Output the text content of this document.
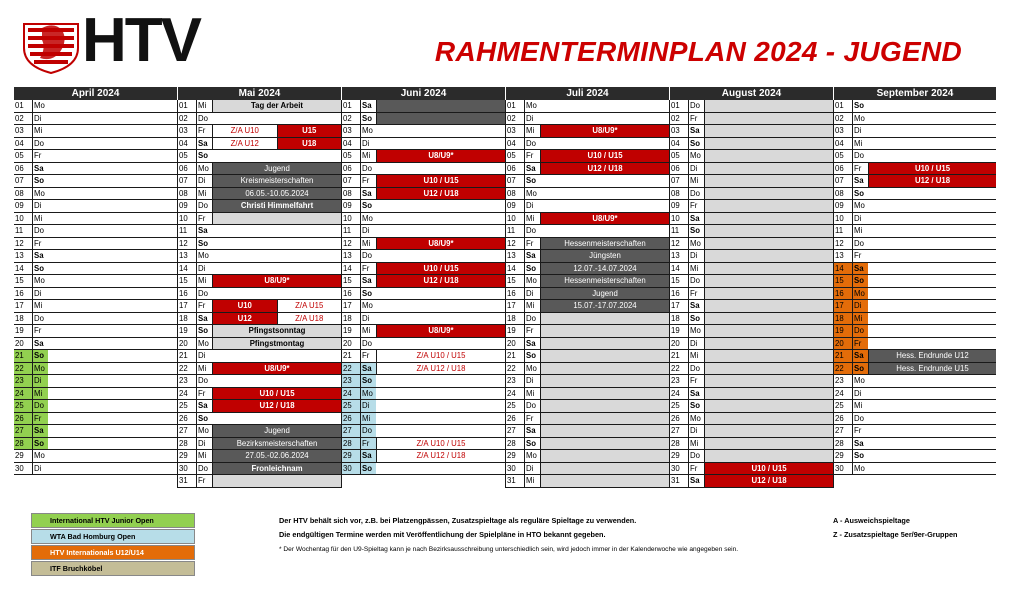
HTV	RAHMENTERMINPLAN 2024 - JUGEND
April 2024
01	Mo
02	Di
03	Mi
04	Do
05	Fr
06	Sa
07	So
08	Mo
09	Di
10	Mi
11	Do
12	Fr
13	Sa
14	So
15	Mo
16	Di
17	Mi
18	Do
19	Fr
20	Sa
21	So
22	Mo
23	Di
24	Mi
25	Do
26	Fr
27	Sa
28	So
29	Mo
30	Di
Mai 2024
01	Mi	Tag der Arbeit
02	Do
03	Fr	Z/A U10	U15
04	Sa	Z/A U12	U18
05	So
06	Mo	Jugend
07	Di	Kreismeisterschaften
08	Mi	06.05.-10.05.2024
09	Do	Christi Himmelfahrt
10	Fr
11	Sa
12	So
13	Mo
14	Di
15	Mi	U8/U9*
16	Do
17	Fr	U10	Z/A U15
18	Sa	U12	Z/A U18
19	So	Pfingstsonntag
20	Mo	Pfingstmontag
21	Di
22	Mi	U8/U9*
23	Do
24	Fr	U10 / U15
25	Sa	U12 / U18
26	So
27	Mo	Jugend
28	Di	Bezirksmeisterschaften
29	Mi	27.05.-02.06.2024
30	Do	Fronleichnam
31	Fr
Juni 2024
01	Sa
02	So
03	Mo
04	Di
05	Mi	U8/U9*
06	Do
07	Fr	U10 / U15
08	Sa	U12 / U18
09	So
10	Mo
11	Di
12	Mi	U8/U9*
13	Do
14	Fr	U10 / U15
15	Sa	U12 / U18
16	So
17	Mo
18	Di
19	Mi	U8/U9*
20	Do
21	Fr	Z/A U10 / U15
22	Sa	Z/A U12 / U18
23	So
24	Mo
25	Di
26	Mi
27	Do
28	Fr	Z/A U10 / U15
29	Sa	Z/A U12 / U18
30	So
Juli 2024
01	Mo
02	Di
03	Mi	U8/U9*
04	Do
05	Fr	U10 / U15
06	Sa	U12 / U18
07	So
08	Mo
09	Di
10	Mi	U8/U9*
11	Do
12	Fr	Hessenmeisterschaften
13	Sa	Jüngsten
14	So	12.07.-14.07.2024
15	Mo	Hessenmeisterschaften
16	Di	Jugend
17	Mi	15.07.-17.07.2024
18	Do
19	Fr
20	Sa
21	So
22	Mo
23	Di
24	Mi
25	Do
26	Fr
27	Sa
28	So
29	Mo
30	Di
31	Mi
August 2024
01	Do
02	Fr
03	Sa
04	So
05	Mo
06	Di
07	Mi
08	Do
09	Fr
10	Sa
11	So
12	Mo
13	Di
14	Mi
15	Do
16	Fr
17	Sa
18	So
19	Mo
20	Di
21	Mi
22	Do
23	Fr
24	Sa
25	So
26	Mo
27	Di
28	Mi
29	Do
30	Fr	U10 / U15
31	Sa	U12 / U18
September 2024
01	So
02	Mo
03	Di
04	Mi
05	Do
06	Fr	U10 / U15
07	Sa	U12 / U18
08	So
09	Mo
10	Di
11	Mi
12	Do
13	Fr
14	Sa
15	So
16	Mo
17	Di
18	Mi
19	Do
20	Fr
21	Sa	Hess. Endrunde U12
22	So	Hess. Endrunde U15
23	Mo
24	Di
25	Mi
26	Do
27	Fr
28	Sa
29	So
30	Mo
International HTV Junior Open
WTA Bad Homburg Open
HTV Internationals U12/U14
ITF Bruchköbel
Der HTV behält sich vor, z.B. bei Platzengpässen, Zusatzspieltage als reguläre Spieltage zu verwenden.
Die endgültigen Termine werden mit Veröffentlichung der Spielpläne in HTO bekannt gegeben.
* Der Wochentag für den U9-Spieltag kann je nach Bezirksausschreibung unterschiedlich sein, wird jedoch immer in der Kalenderwoche wie angegeben sein.
A - Ausweichspieltage
Z - Zusatzspieltage 5er/9er-Gruppen
